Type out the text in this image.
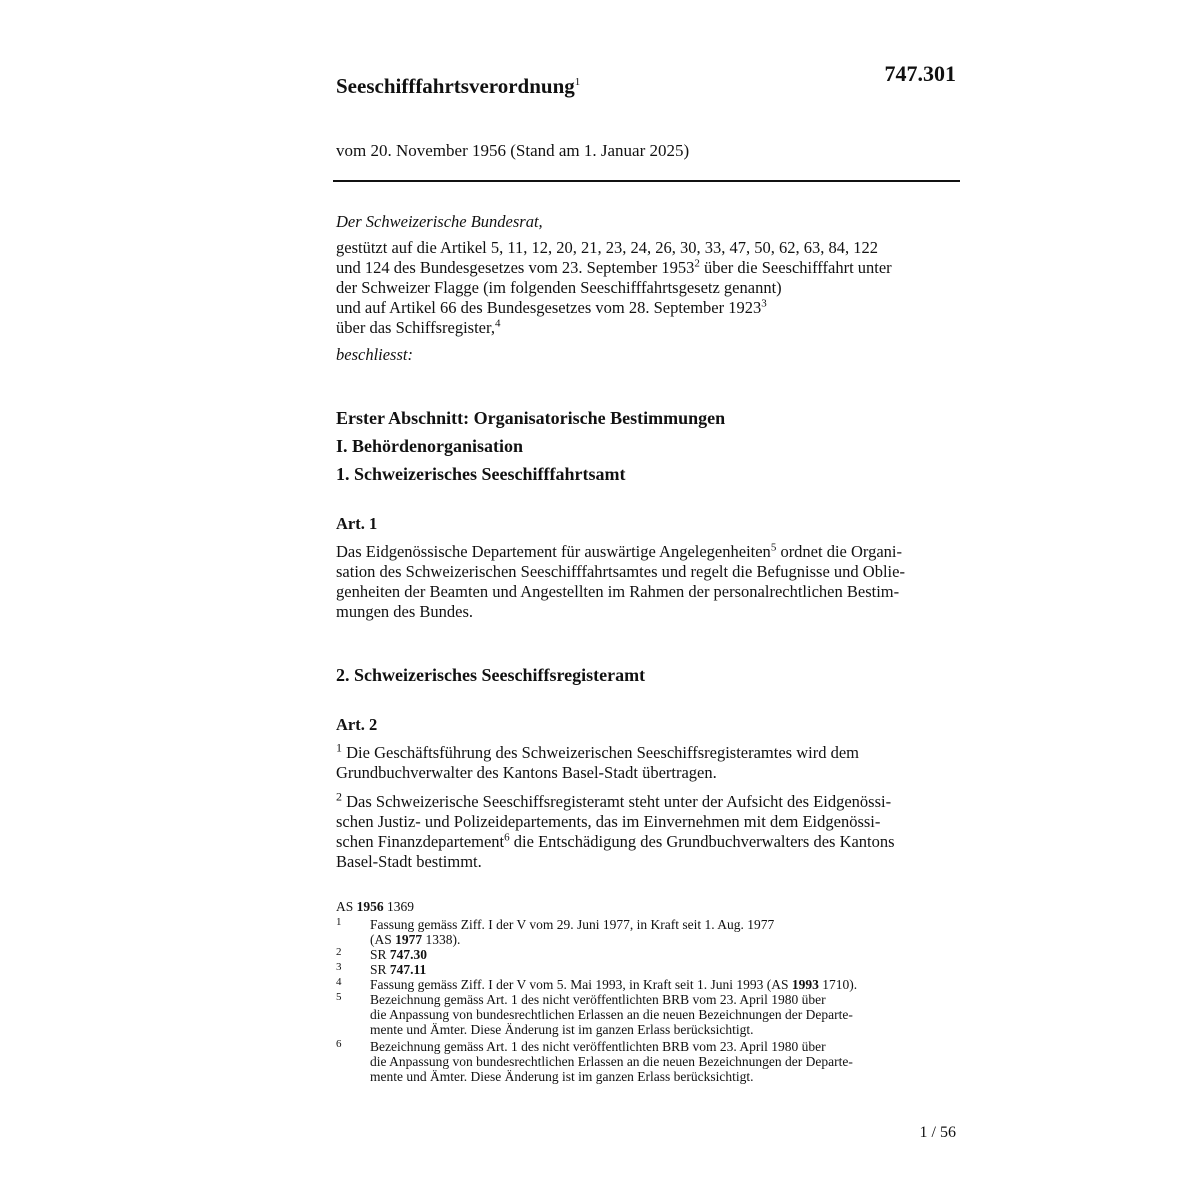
747.301
Seeschifffahrtsverordnung$^1$
vom 20. November 1956 (Stand am 1. Januar 2025)
Der Schweizerische Bundesrat,
gestützt auf die Artikel 5, 11, 12, 20, 21, 23, 24, 26, 30, 33, 47, 50, 62, 63, 84, 122
und 124 des Bundesgesetzes vom 23. September 1953$^2$ über die Seeschifffahrt unter
der Schweizer Flagge (im folgenden Seeschifffahrtsgesetz genannt)
und auf Artikel 66 des Bundesgesetzes vom 28. September 1923$^3$
über das Schiffsregister,$^4$
beschliesst:
Erster Abschnitt: Organisatorische Bestimmungen
I. Behördenorganisation
1. Schweizerisches Seeschifffahrtsamt
Art. 1
Das Eidgenössische Departement für auswärtige Angelegenheiten$^5$ ordnet die Organi-
sation des Schweizerischen Seeschifffahrtsamtes und regelt die Befugnisse und Oblie-
genheiten der Beamten und Angestellten im Rahmen der personalrechtlichen Bestim-
mungen des Bundes.
2. Schweizerisches Seeschiffsregisteramt
Art. 2
$^1$ Die Geschäftsführung des Schweizerischen Seeschiffsregisteramtes wird dem
Grundbuchverwalter des Kantons Basel-Stadt übertragen.
$^2$ Das Schweizerische Seeschiffsregisteramt steht unter der Aufsicht des Eidgenössi-
schen Justiz- und Polizeidepartements, das im Einvernehmen mit dem Eidgenössi-
schen Finanzdepartement$^6$ die Entschädigung des Grundbuchverwalters des Kantons
Basel-Stadt bestimmt.
AS 1956 1369
1	Fassung gemäss Ziff. I der V vom 29. Juni 1977, in Kraft seit 1. Aug. 1977
(AS 1977 1338).
2	SR 747.30
3	SR 747.11
4	Fassung gemäss Ziff. I der V vom 5. Mai 1993, in Kraft seit 1. Juni 1993 (AS 1993 1710).
5	Bezeichnung gemäss Art. 1 des nicht veröffentlichten BRB vom 23. April 1980 über
die Anpassung von bundesrechtlichen Erlassen an die neuen Bezeichnungen der Departe-
mente und Ämter. Diese Änderung ist im ganzen Erlass berücksichtigt.
6	Bezeichnung gemäss Art. 1 des nicht veröffentlichten BRB vom 23. April 1980 über
die Anpassung von bundesrechtlichen Erlassen an die neuen Bezeichnungen der Departe-
mente und Ämter. Diese Änderung ist im ganzen Erlass berücksichtigt.
1 / 56
